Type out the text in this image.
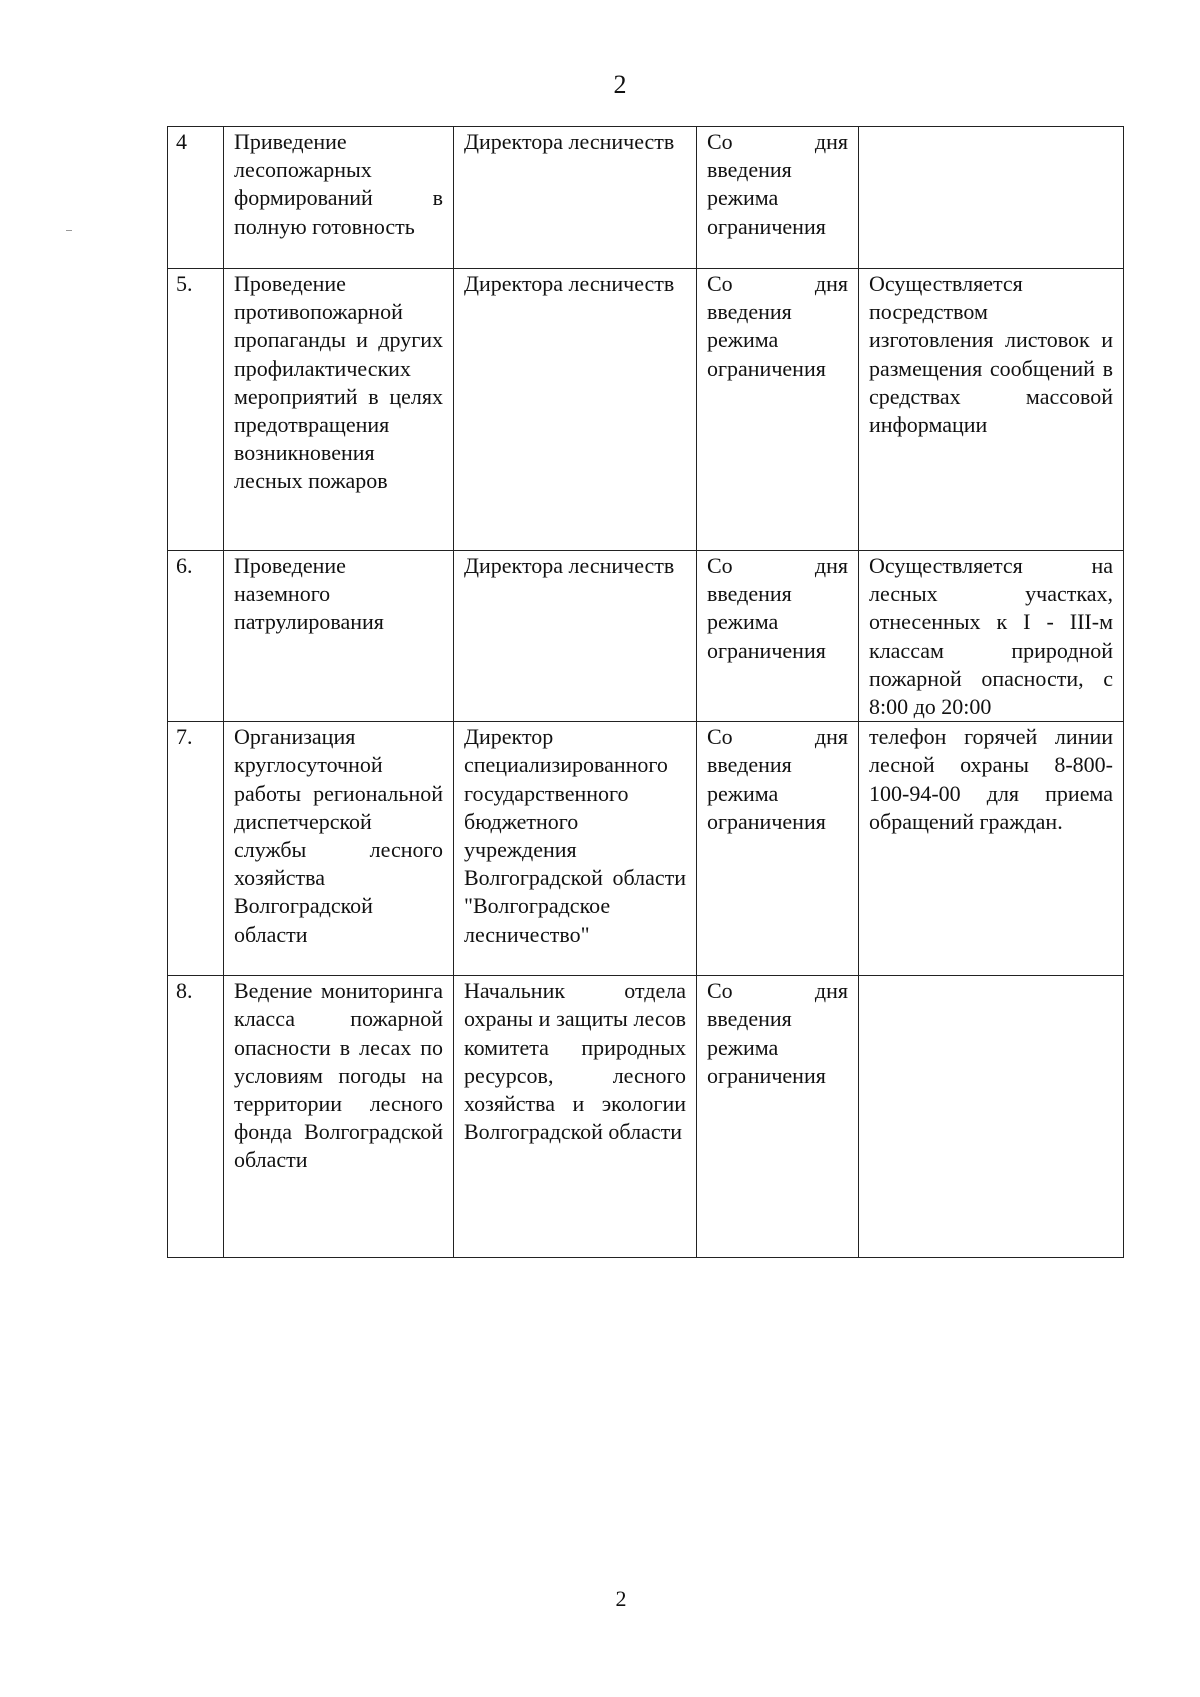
2
4	Приведение лесопожарных формирований в полную готовность	Директора лесничеств	Со дня введения режима ограничения	
5.	Проведение противопожарной пропаганды и других профилактических мероприятий в целях предотвращения возникновения лесных пожаров	Директора лесничеств	Со дня введения режима ограничения	Осуществляется посредством изготовления листовок и размещения сообщений в средствах массовой информации
6.	Проведение наземного патрулирования	Директора лесничеств	Со дня введения режима ограничения	Осуществляется на лесных участках, отнесенных к I - III-м классам природной пожарной опасности, с 8:00 до 20:00
7.	Организация круглосуточной работы региональной диспетчерской службы лесного хозяйства Волгоградской области	Директор специализированного государственного бюджетного учреждения Волгоградской области "Волгоградское лесничество"	Со дня введения режима ограничения	телефон горячей линии лесной охраны 8-800-100-94-00 для приема обращений граждан.
8.	Ведение мониторинга класса пожарной опасности в лесах по условиям погоды на территории лесного фонда Волгоградской области	Начальник отдела охраны и защиты лесов комитета природных ресурсов, лесного хозяйства и экологии Волгоградской области	Со дня введения режима ограничения	
2
